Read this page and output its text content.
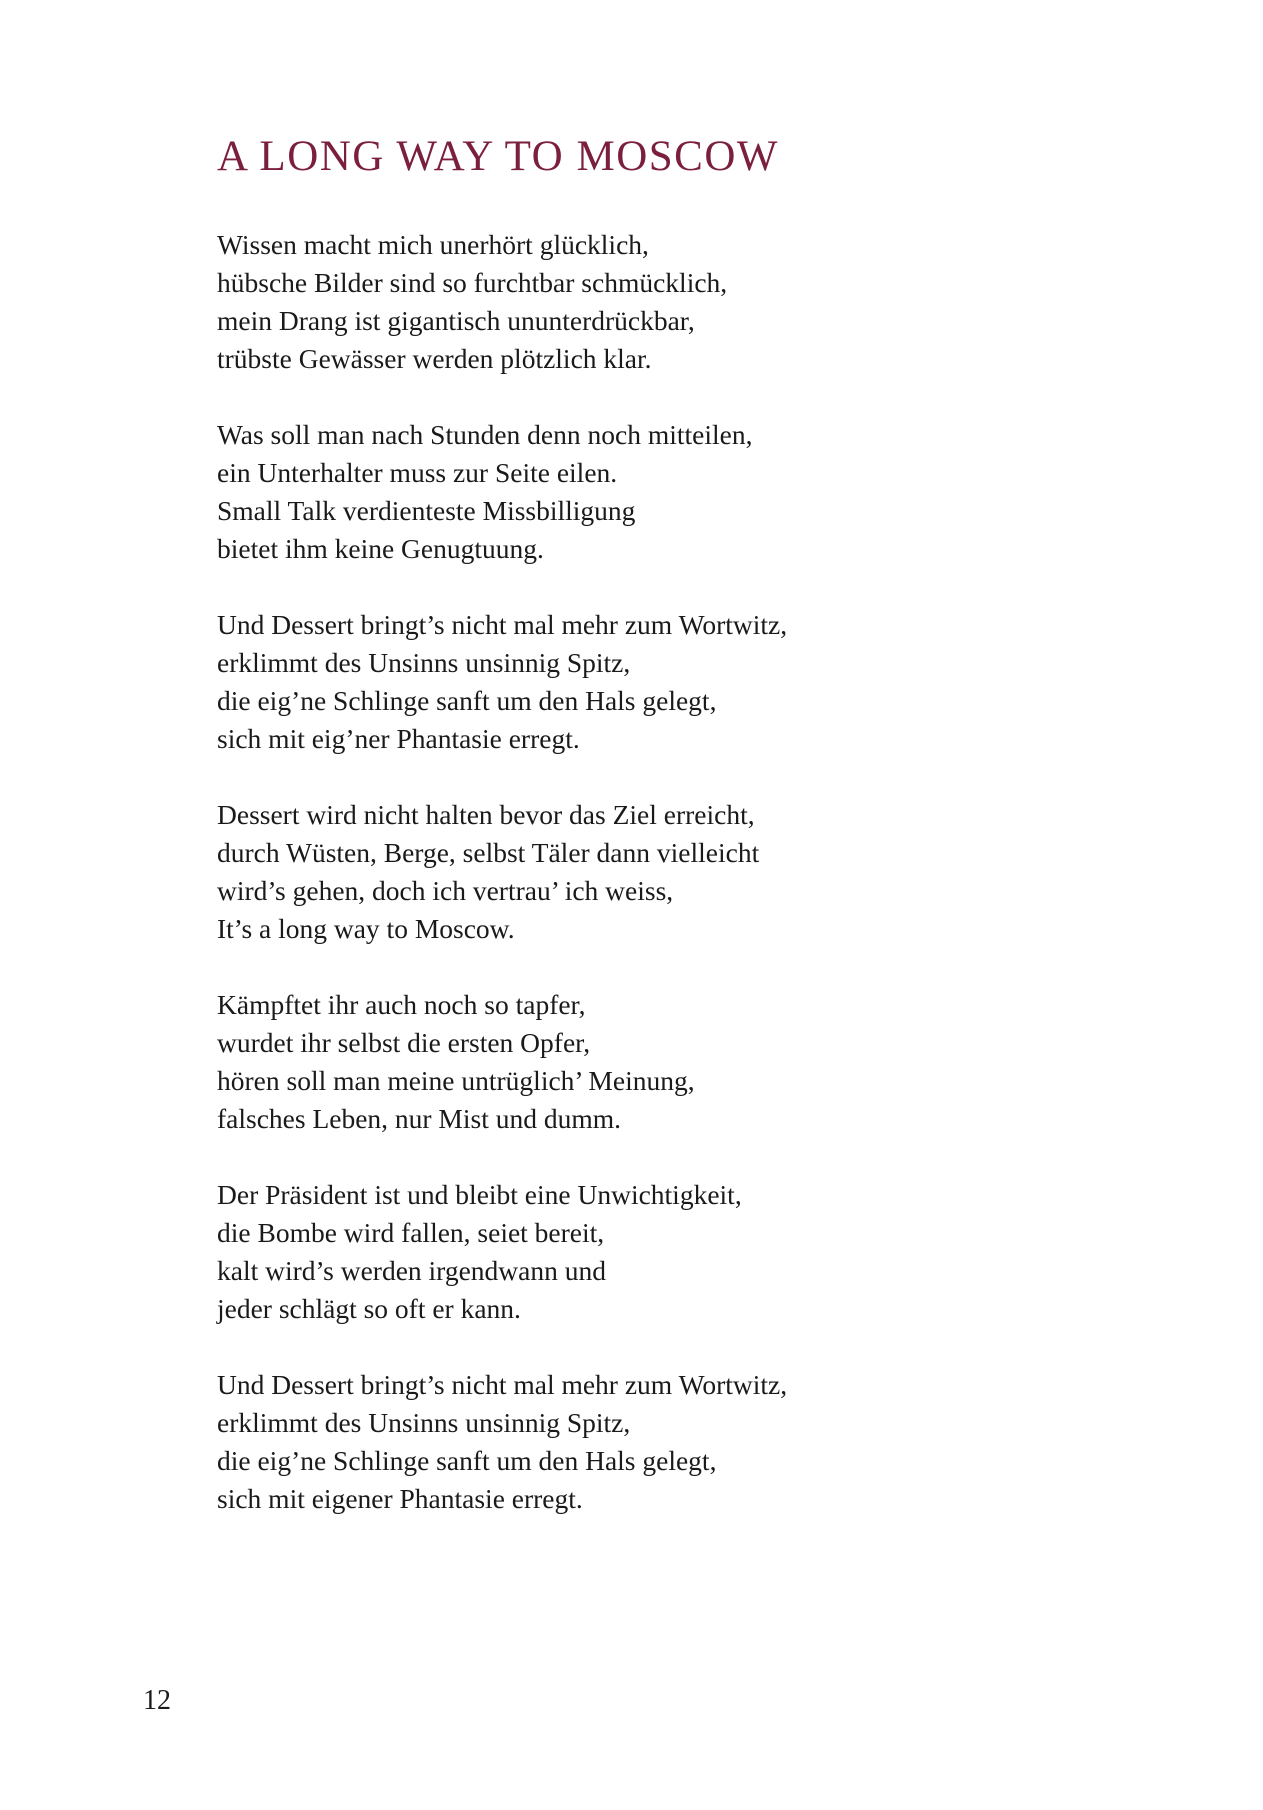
A LONG WAY TO MOSCOW
Wissen macht mich unerhört glücklich,
hübsche Bilder sind so furchtbar schmücklich,
mein Drang ist gigantisch ununterdrückbar,
trübste Gewässer werden plötzlich klar.
Was soll man nach Stunden denn noch mitteilen,
ein Unterhalter muss zur Seite eilen.
Small Talk verdienteste Missbilligung
bietet ihm keine Genugtuung.
Und Dessert bringt’s nicht mal mehr zum Wortwitz,
erklimmt des Unsinns unsinnig Spitz,
die eig’ne Schlinge sanft um den Hals gelegt,
sich mit eig’ner Phantasie erregt.
Dessert wird nicht halten bevor das Ziel erreicht,
durch Wüsten, Berge, selbst Täler dann vielleicht
wird’s gehen, doch ich vertrau’ ich weiss,
It’s a long way to Moscow.
Kämpftet ihr auch noch so tapfer,
wurdet ihr selbst die ersten Opfer,
hören soll man meine untrüglich’ Meinung,
falsches Leben, nur Mist und dumm.
Der Präsident ist und bleibt eine Unwichtigkeit,
die Bombe wird fallen, seiet bereit,
kalt wird’s werden irgendwann und
jeder schlägt so oft er kann.
Und Dessert bringt’s nicht mal mehr zum Wortwitz,
erklimmt des Unsinns unsinnig Spitz,
die eig’ne Schlinge sanft um den Hals gelegt,
sich mit eigener Phantasie erregt.
12
